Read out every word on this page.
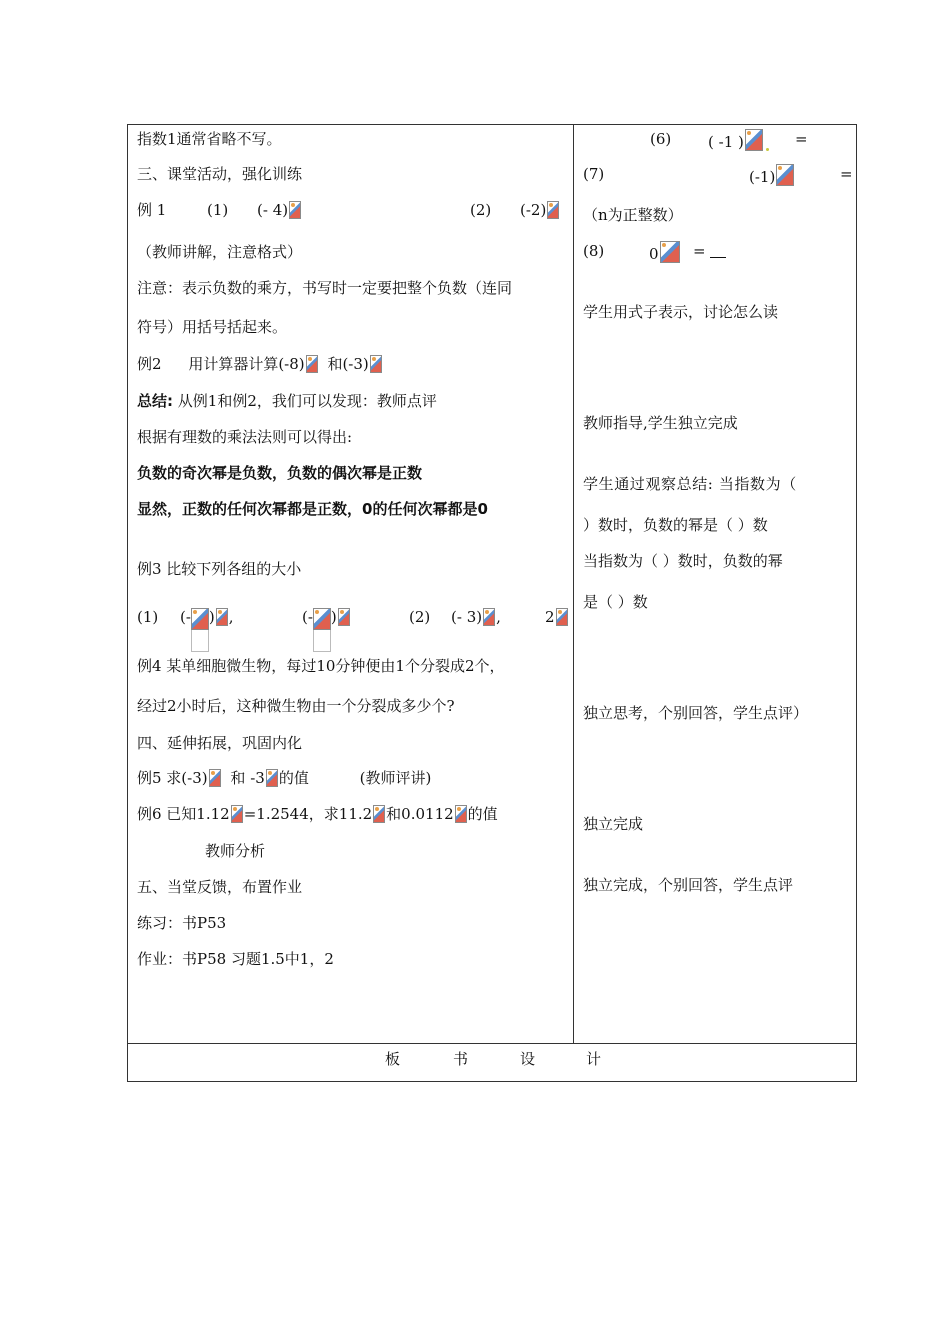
指数1通常省略不写。
三、课堂活动，强化训练
例 1	(1) (- 4)	(2) (-2)
（教师讲解，注意格式）
注意：表示负数的乘方，书写时一定要把整个负数（连同
符号）用括号括起来。
例2 用计算器计算(-8) 和(-3)
总结: 从例1和例2，我们可以发现：教师点评
根据有理数的乘法法则可以得出:
负数的奇次幂是负数，负数的偶次幂是正数
显然，正数的任何次幂都是正数，0的任何次幂都是0
例3 比较下列各组的大小
(1) (- ) ,	(- )	(2) (- 3) ,	2
例4 某单细胞微生物，每过10分钟便由1个分裂成2个，
经过2小时后，这种微生物由一个分裂成多少个?
四、延伸拓展，巩固内化
例5 求(-3) 和 -3 的值	(教师评讲)
例6 已知1.12 =1.2544，求11.2 和0.0112 的值
教师分析
五、当堂反馈，布置作业
练习：书P53
作业：书P58 习题1.5中1，2
(6) ( -1 )	=
(7)	(-1)	=
（n为正整数）
(8)	0	=
学生用式子表示，讨论怎么读
教师指导,学生独立完成
学生通过观察总结: 当指数为（
）数时，负数的幂是（ ）数
当指数为（ ）数时，负数的幂
是（ ）数
独立思考，个别回答，学生点评）
独立完成
独立完成，个别回答，学生点评
板	书	设	计
